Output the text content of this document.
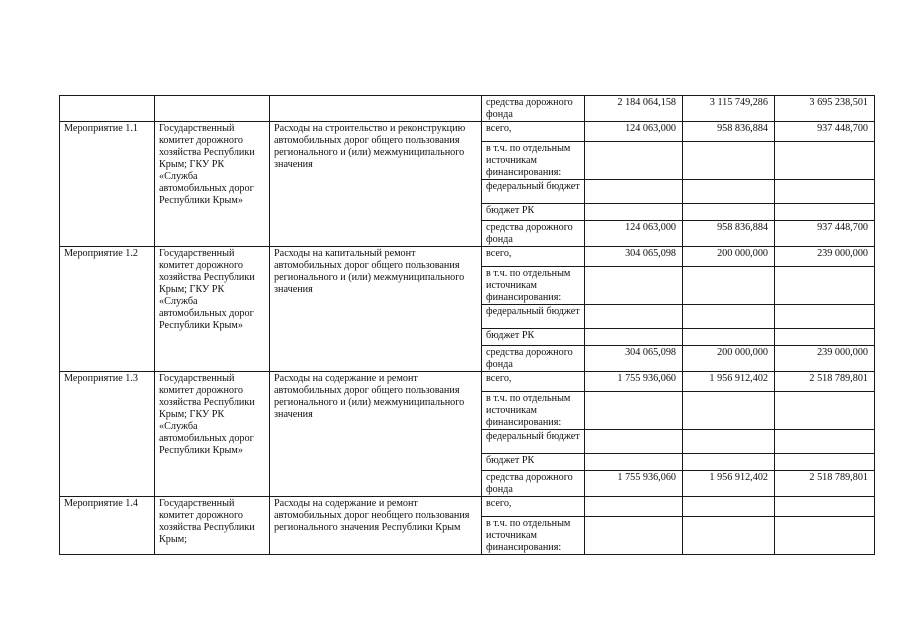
			средства дорожного фонда	2 184 064,158	3 115 749,286	3 695 238,501
Мероприятие 1.1	Государственный комитет дорожного хозяйства Республики Крым; ГКУ РК «Служба автомобильных дорог Республики Крым»	Расходы на строительство и реконструкцию автомобильных дорог общего пользования регионального и (или) межмуниципального значения	всего,	124 063,000	958 836,884	937 448,700
			в т.ч. по отдельным источникам финансирования:			
			федеральный бюджет			
			бюджет РК			
			средства дорожного фонда	124 063,000	958 836,884	937 448,700
Мероприятие 1.2	Государственный комитет дорожного хозяйства Республики Крым; ГКУ РК «Служба автомобильных дорог Республики Крым»	Расходы на капитальный ремонт автомобильных дорог общего пользования регионального и (или) межмуниципального значения	всего,	304 065,098	200 000,000	239 000,000
			в т.ч. по отдельным источникам финансирования:			
			федеральный бюджет			
			бюджет РК			
			средства дорожного фонда	304 065,098	200 000,000	239 000,000
Мероприятие 1.3	Государственный комитет дорожного хозяйства Республики Крым; ГКУ РК «Служба автомобильных дорог Республики Крым»	Расходы на содержание и ремонт автомобильных дорог общего пользования регионального и (или) межмуниципального значения	всего,	1 755 936,060	1 956 912,402	2 518 789,801
			в т.ч. по отдельным источникам финансирования:			
			федеральный бюджет			
			бюджет РК			
			средства дорожного фонда	1 755 936,060	1 956 912,402	2 518 789,801
Мероприятие 1.4	Государственный комитет дорожного хозяйства Республики Крым;	Расходы на содержание и ремонт автомобильных дорог необщего пользования регионального значения Республики Крым	всего,			
			в т.ч. по отдельным источникам финансирования:			
